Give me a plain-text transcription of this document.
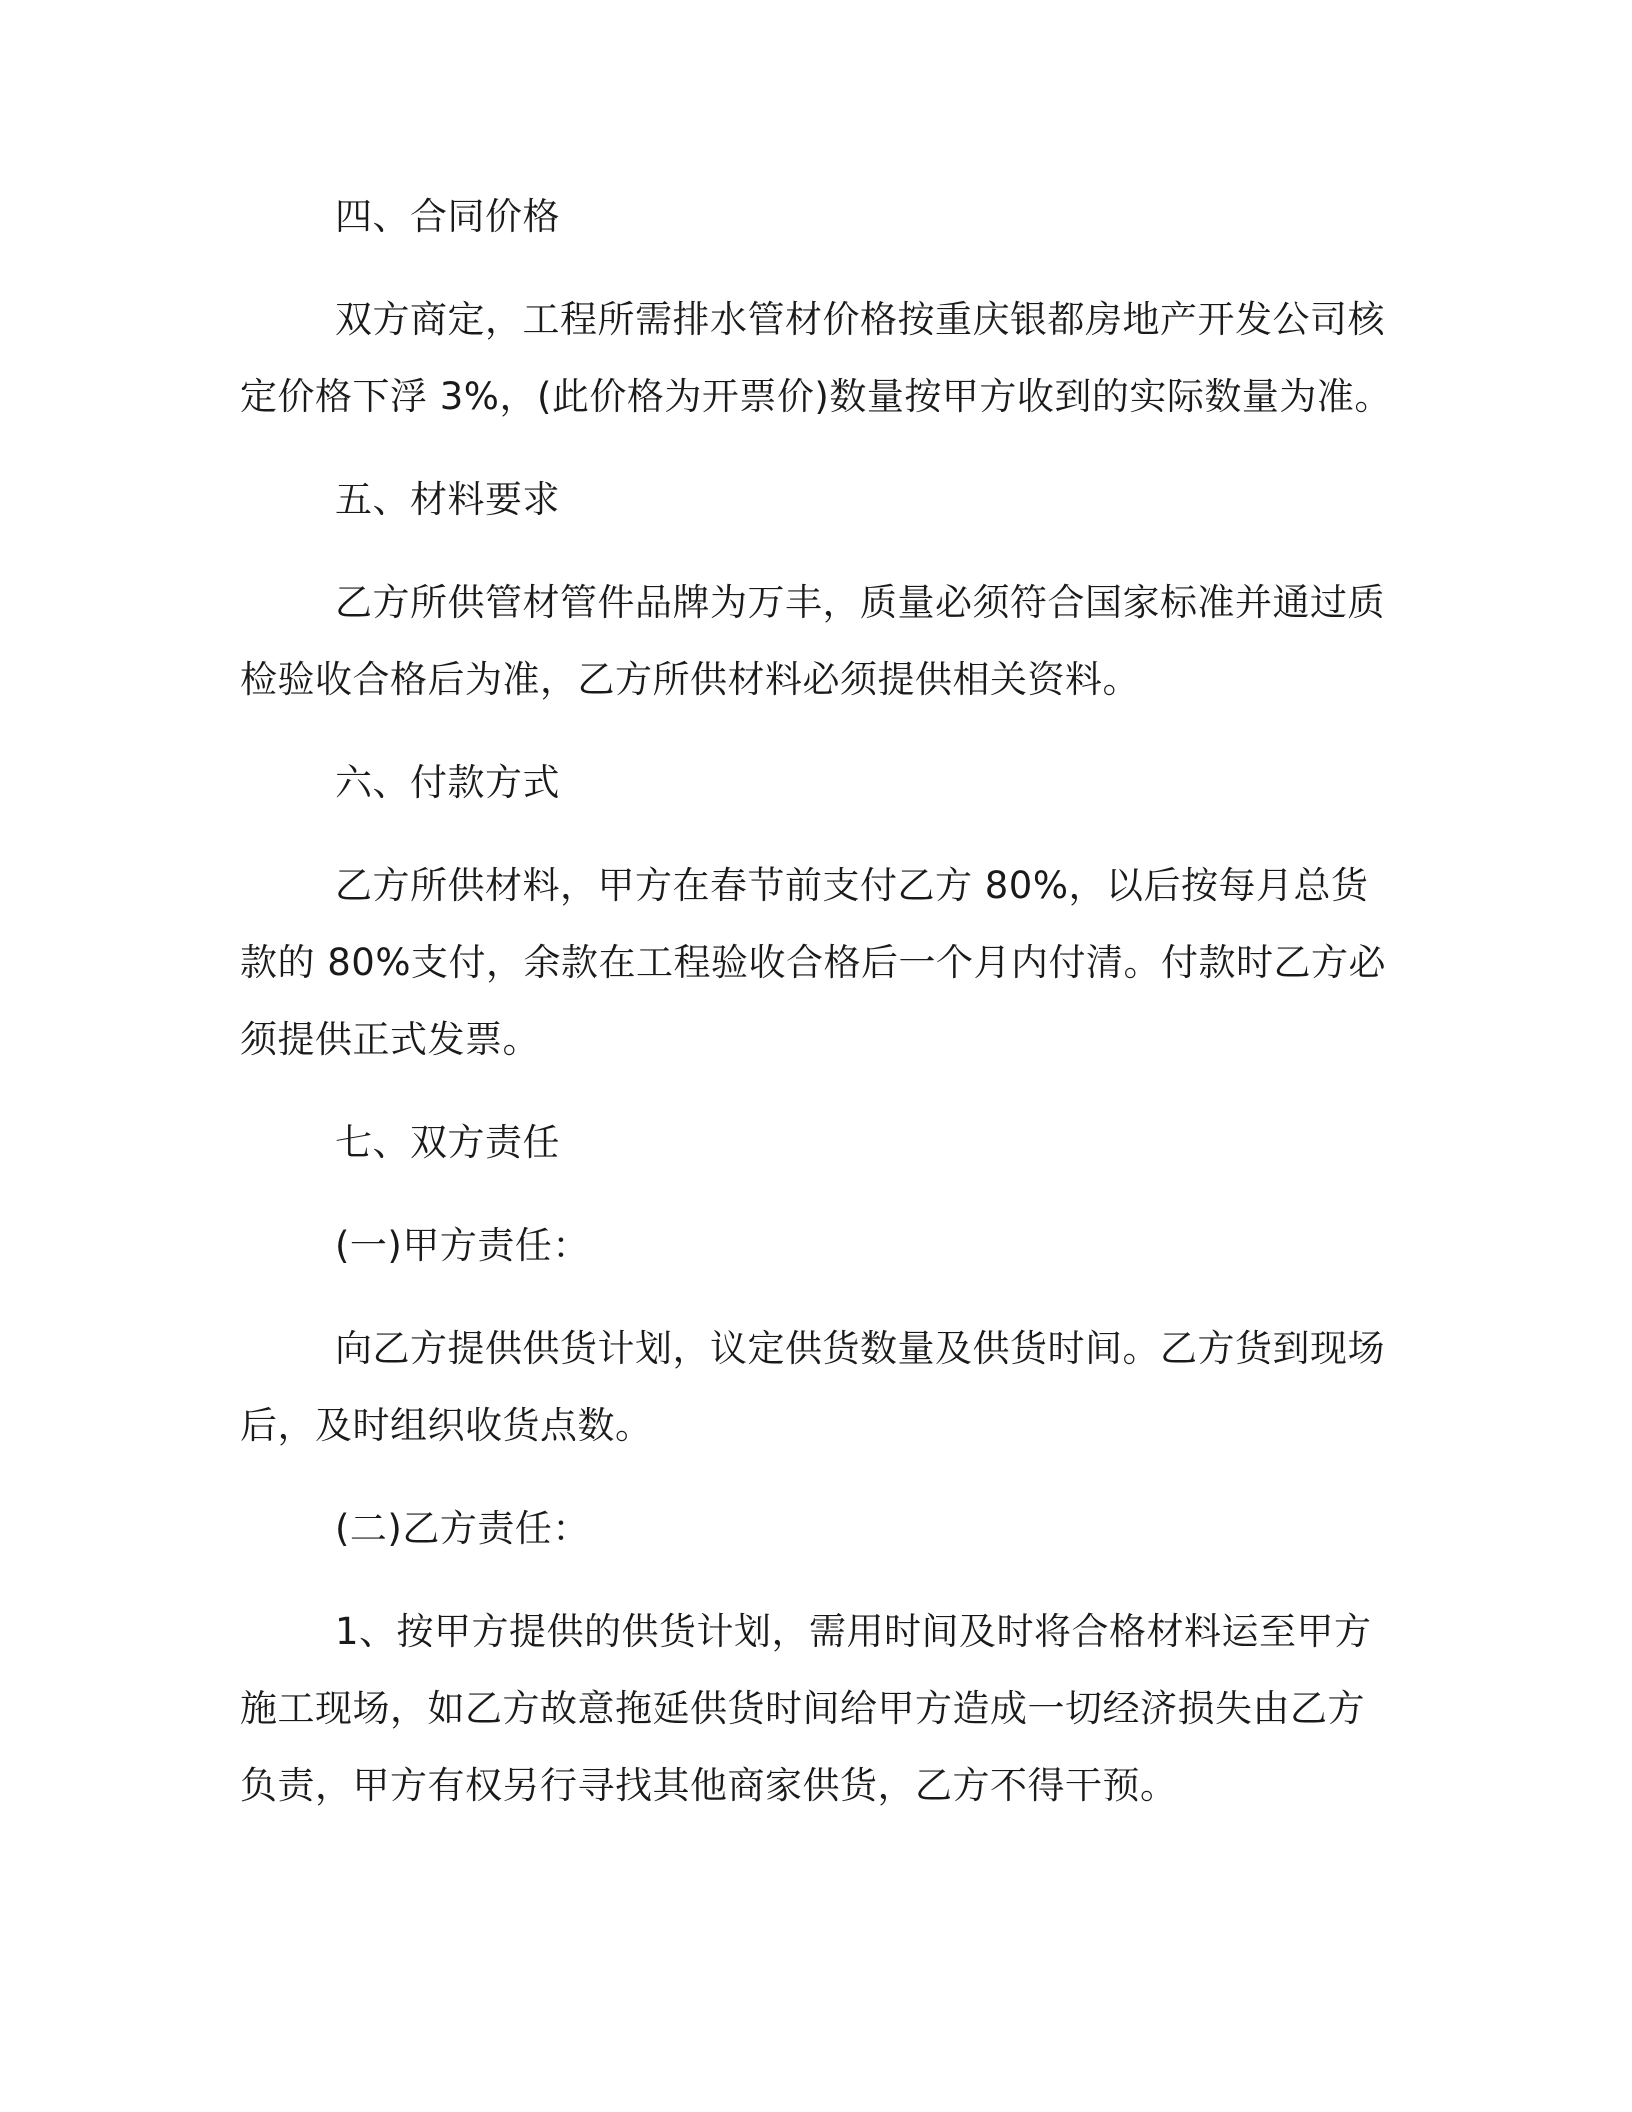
四、合同价格

双方商定，工程所需排水管材价格按重庆银都房地产开发公司核

定价格下浮 3%，(此价格为开票价)数量按甲方收到的实际数量为准。

五、材料要求

乙方所供管材管件品牌为万丰，质量必须符合国家标准并通过质

检验收合格后为准，乙方所供材料必须提供相关资料。

六、付款方式

乙方所供材料，甲方在春节前支付乙方 80%，以后按每月总货

款的 80%支付，余款在工程验收合格后一个月内付清。付款时乙方必

须提供正式发票。

七、双方责任

(一)甲方责任：

向乙方提供供货计划，议定供货数量及供货时间。乙方货到现场

后，及时组织收货点数。

(二)乙方责任：

1、按甲方提供的供货计划，需用时间及时将合格材料运至甲方

施工现场，如乙方故意拖延供货时间给甲方造成一切经济损失由乙方

负责，甲方有权另行寻找其他商家供货，乙方不得干预。
